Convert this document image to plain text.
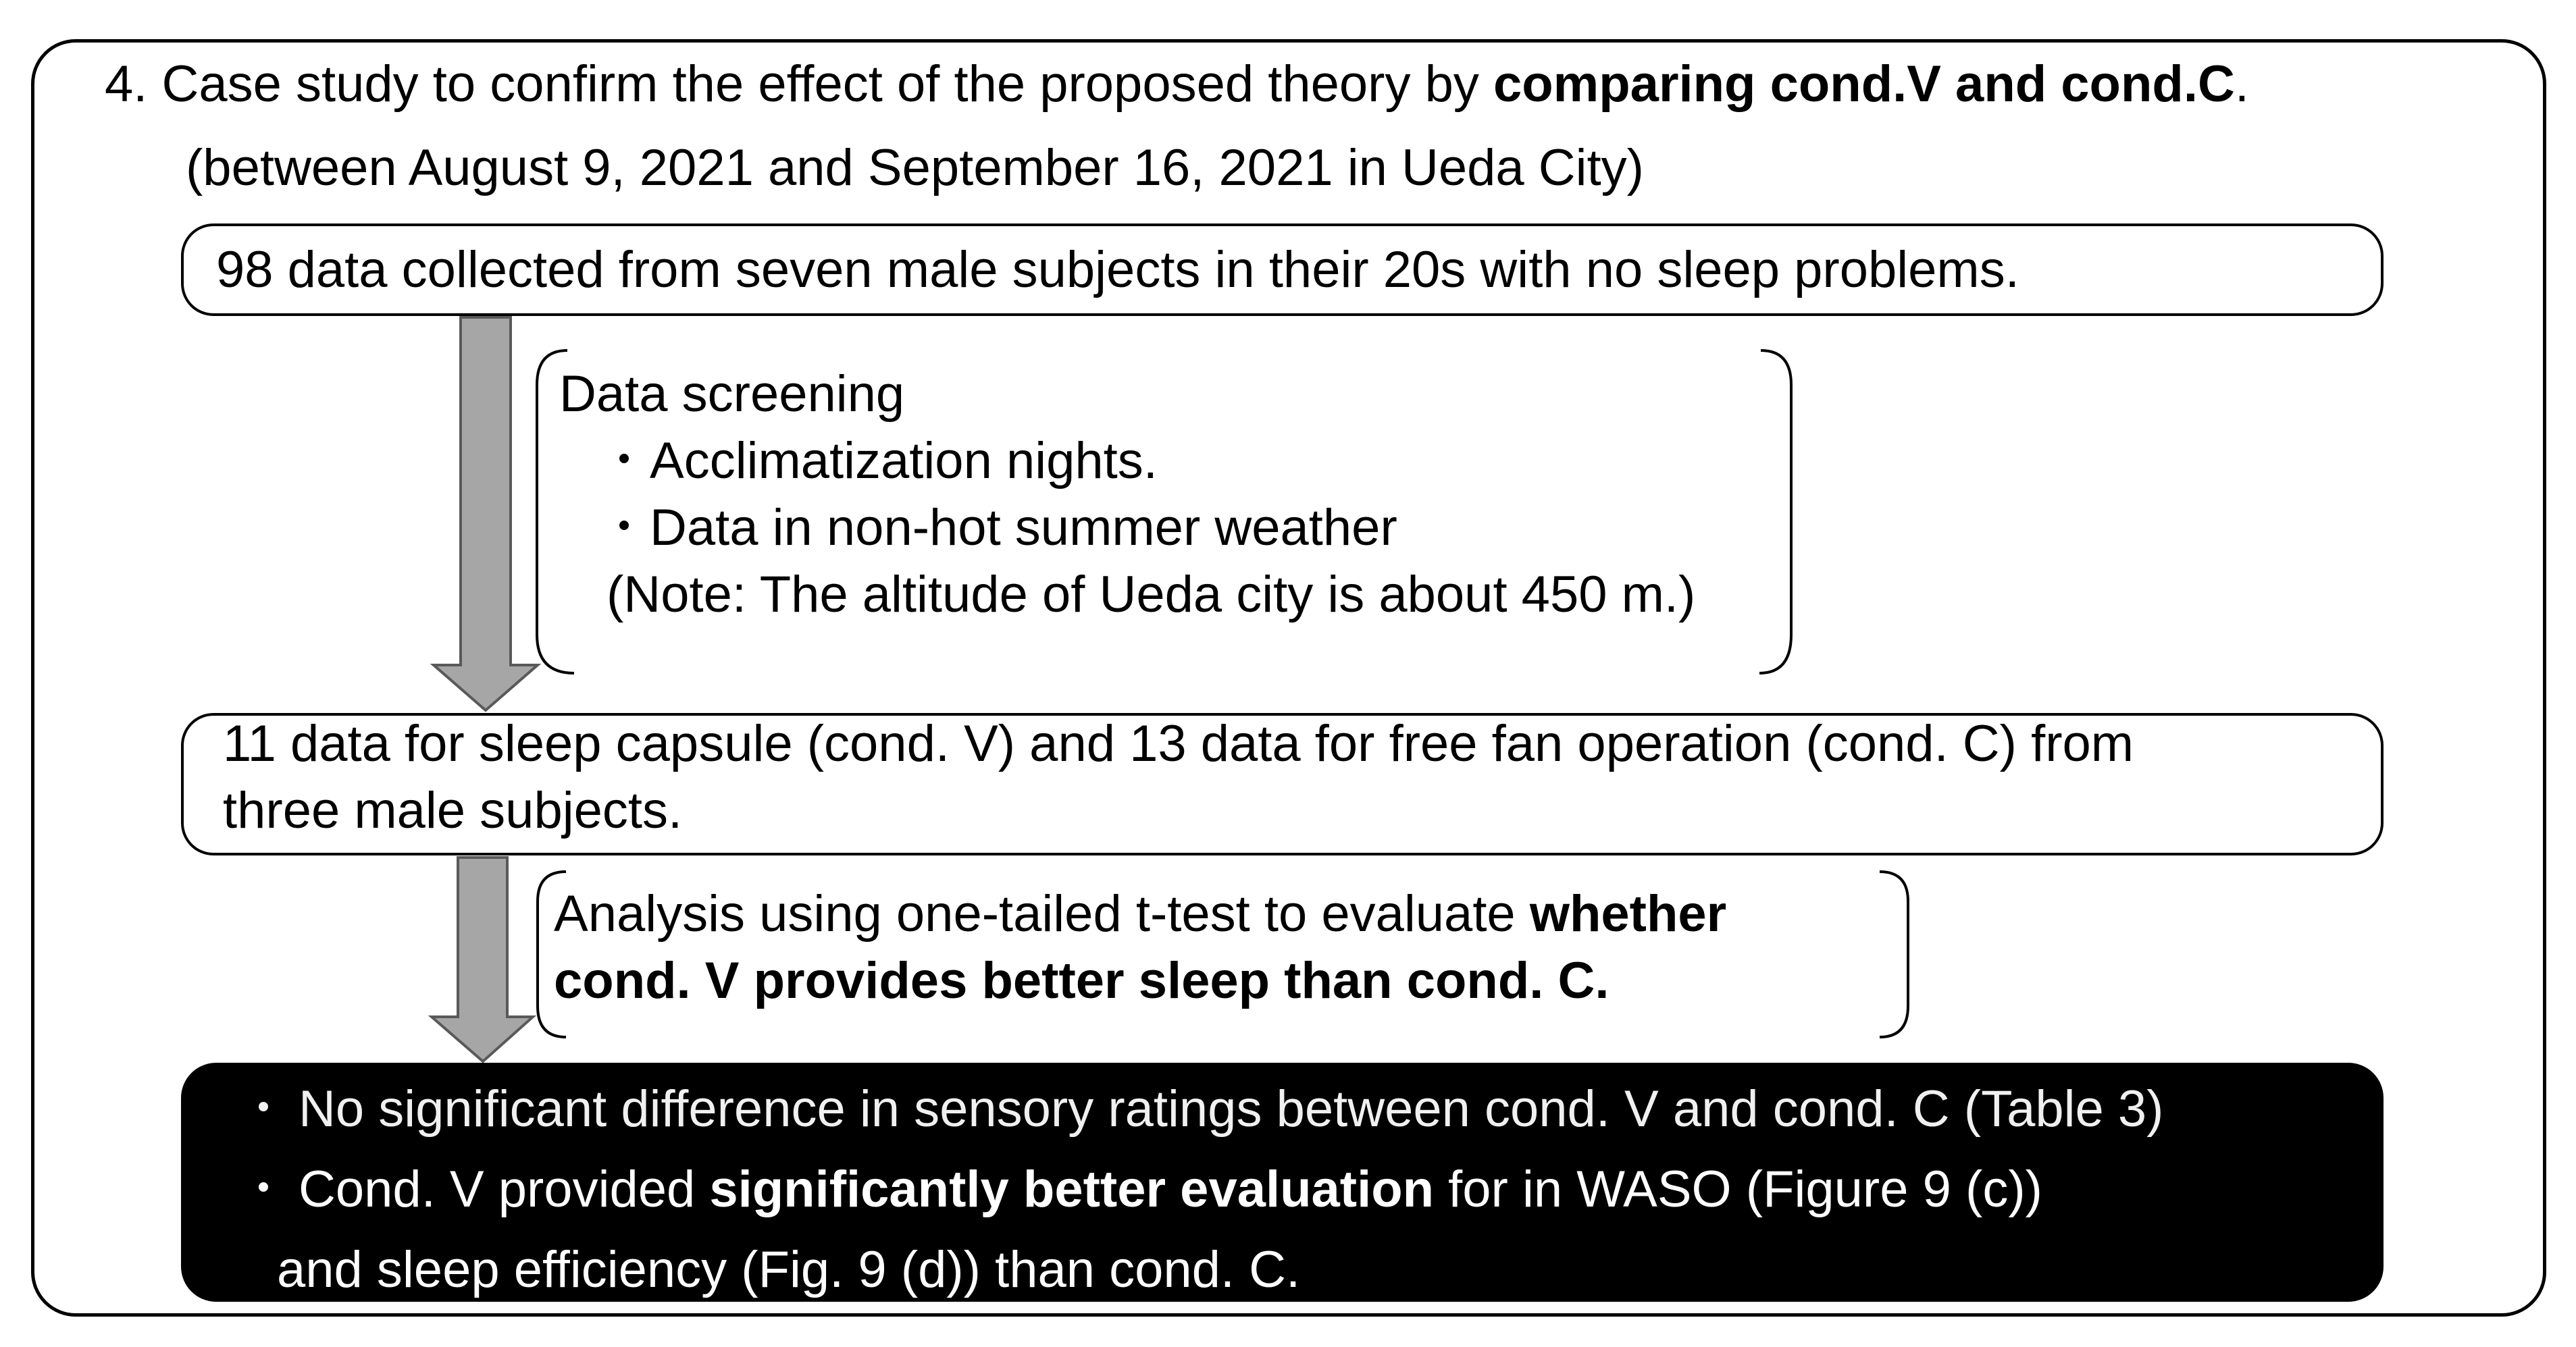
4. Case study to confirm the effect of the proposed theory by comparing cond.V and cond.C.
(between August 9, 2021 and September 16, 2021 in Ueda City)
98 data collected from seven male subjects in their 20s with no sleep problems.
Data screening
・Acclimatization nights.
・Data in non-hot summer weather
(Note: The altitude of Ueda city is about 450 m.)
11 data for sleep capsule (cond. V) and 13 data for free fan operation (cond. C) from
three male subjects.
Analysis using one-tailed t-test to evaluate whether
cond. V provides better sleep than cond. C.
・ No significant difference in sensory ratings between cond. V and cond. C (Table 3)
・ Cond. V provided significantly better evaluation for in WASO (Figure 9 (c))
and sleep efficiency (Fig. 9 (d)) than cond. C.
